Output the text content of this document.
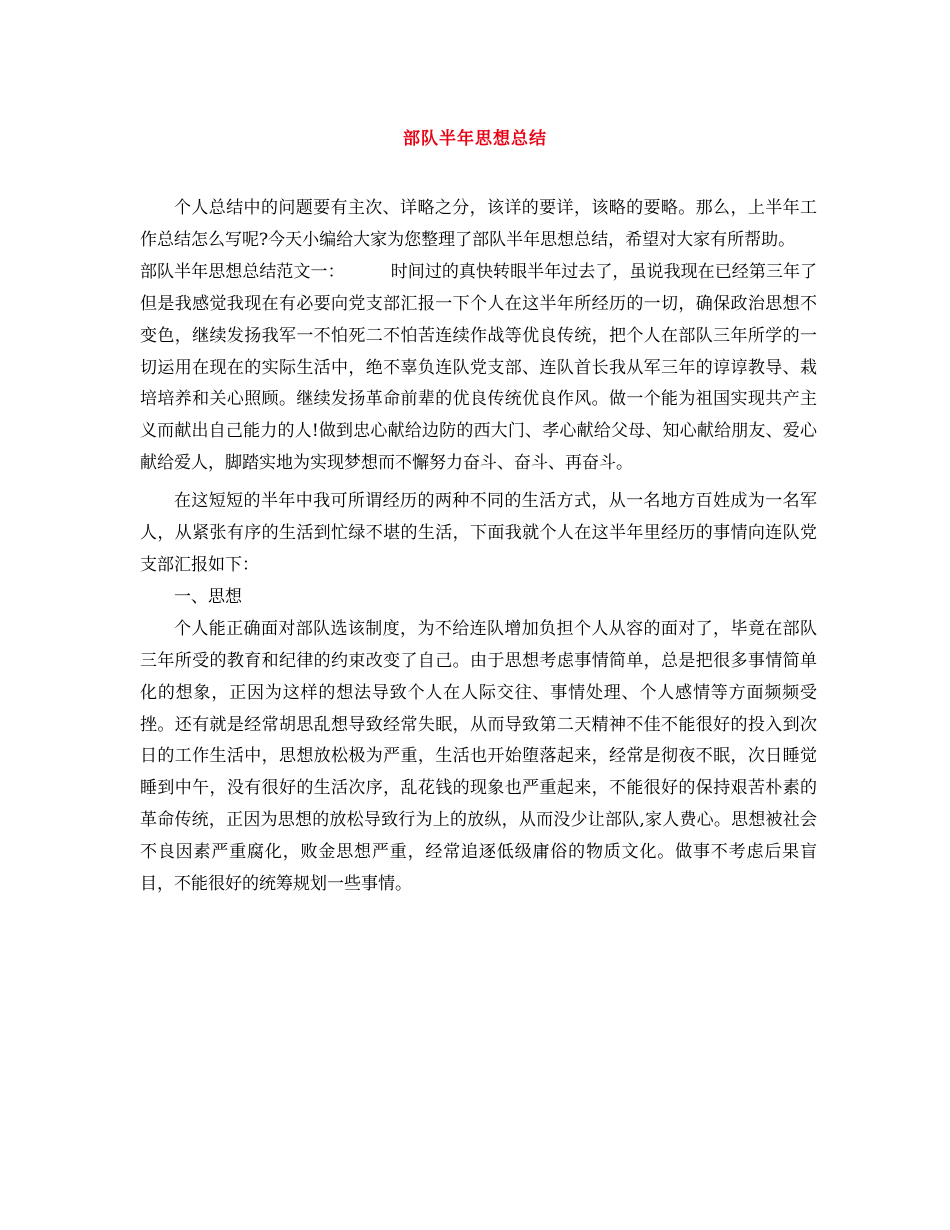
部队半年思想总结

个人总结中的问题要有主次、详略之分，该详的要详，该略的要略。那么，上半年工作总结怎么写呢?今天小编给大家为您整理了部队半年思想总结，希望对大家有所帮助。

部队半年思想总结范文一：	时间过的真快转眼半年过去了，虽说我现在已经第三年了但是我感觉我现在有必要向党支部汇报一下个人在这半年所经历的一切，确保政治思想不变色，继续发扬我军一不怕死二不怕苦连续作战等优良传统，把个人在部队三年所学的一切运用在现在的实际生活中，绝不辜负连队党支部、连队首长我从军三年的谆谆教导、栽培培养和关心照顾。继续发扬革命前辈的优良传统优良作风。做一个能为祖国实现共产主义而献出自己能力的人!做到忠心献给边防的西大门、孝心献给父母、知心献给朋友、爱心献给爱人，脚踏实地为实现梦想而不懈努力奋斗、奋斗、再奋斗。

在这短短的半年中我可所谓经历的两种不同的生活方式，从一名地方百姓成为一名军人，从紧张有序的生活到忙绿不堪的生活，下面我就个人在这半年里经历的事情向连队党支部汇报如下：

一、思想

个人能正确面对部队选该制度，为不给连队增加负担个人从容的面对了，毕竟在部队三年所受的教育和纪律的约束改变了自己。由于思想考虑事情简单，总是把很多事情简单化的想象，正因为这样的想法导致个人在人际交往、事情处理、个人感情等方面频频受挫。还有就是经常胡思乱想导致经常失眠，从而导致第二天精神不佳不能很好的投入到次日的工作生活中，思想放松极为严重，生活也开始堕落起来，经常是彻夜不眠，次日睡觉睡到中午，没有很好的生活次序，乱花钱的现象也严重起来，不能很好的保持艰苦朴素的革命传统，正因为思想的放松导致行为上的放纵，从而没少让部队,家人费心。思想被社会不良因素严重腐化，败金思想严重，经常追逐低级庸俗的物质文化。做事不考虑后果盲目，不能很好的统筹规划一些事情。
